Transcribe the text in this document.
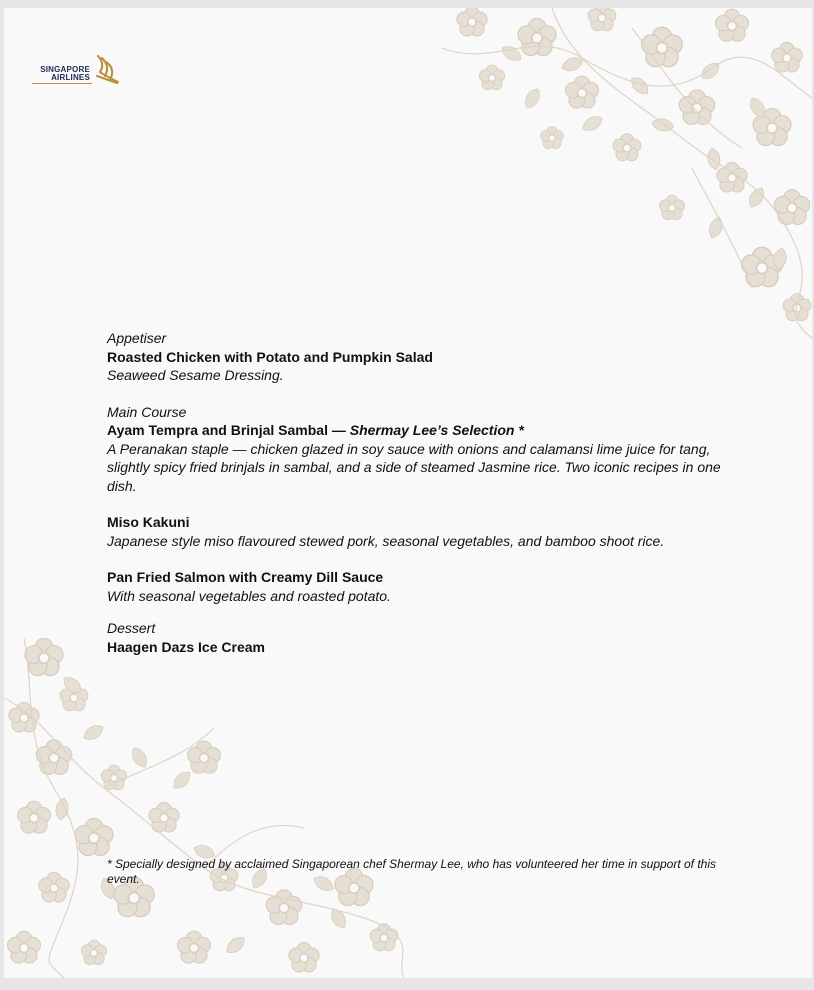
SINGAPORE
AIRLINES

Appetiser

Roasted Chicken with Potato and Pumpkin Salad

Seaweed Sesame Dressing.

Main Course

Ayam Tempra and Brinjal Sambal — Shermay Lee’s Selection *

A Peranakan staple — chicken glazed in soy sauce with onions and calamansi lime juice for tang, slightly spicy fried brinjals in sambal, and a side of steamed Jasmine rice. Two iconic recipes in one dish.

Miso Kakuni

Japanese style miso flavoured stewed pork, seasonal vegetables, and bamboo shoot rice.

Pan Fried Salmon with Creamy Dill Sauce

With seasonal vegetables and roasted potato.

Dessert

Haagen Dazs Ice Cream

* Specially designed by acclaimed Singaporean chef Shermay Lee, who has volunteered her time in support of this event.
